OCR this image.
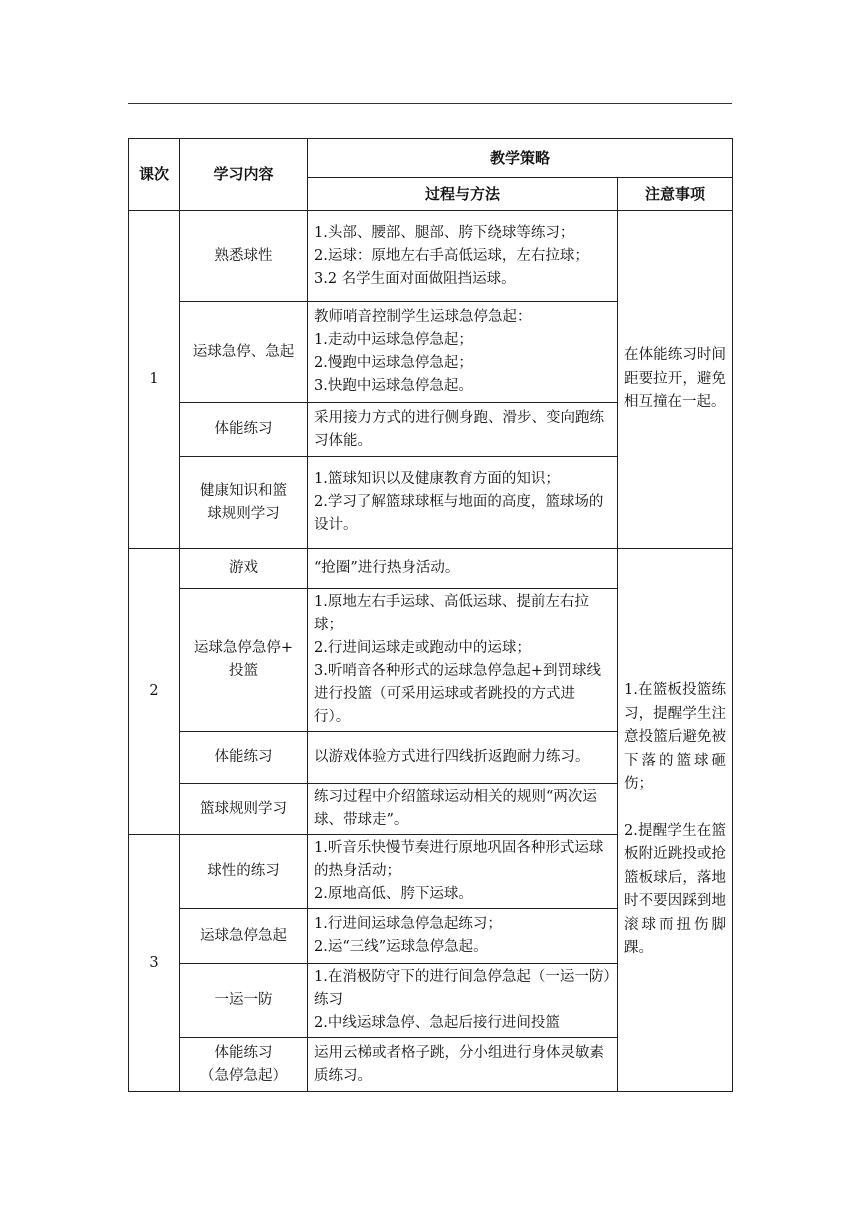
课次	学习内容	教学策略	
		过程与方法	注意事项
1	熟悉球性	1.头部、腰部、腿部、胯下绕球等练习；
2.运球：原地左右手高低运球，左右拉球；
3.2 名学生面对面做阻挡运球。	在体能练习时间距要拉开，避免相互撞在一起。

	运球急停、急起	教师哨音控制学生运球急停急起：
1.走动中运球急停急起；
2.慢跑中运球急停急起；
3.快跑中运球急停急起。	

	体能练习	采用接力方式的进行侧身跑、滑步、变向跑练习体能。	

	健康知识和篮
球规则学习	1.篮球知识以及健康教育方面的知识；
2.学习了解篮球球框与地面的高度，篮球场的设计。	

2	游戏	“抢圈”进行热身活动。	1.在篮板投篮练习，提醒学生注意投篮后避免被下落的篮球砸伤；

2.提醒学生在篮板附近跳投或抢篮板球后，落地时不要因踩到地滚球而扭伤脚踝。

	运球急停急停+
投篮	1.原地左右手运球、高低运球、提前左右拉球；
2.行进间运球走或跑动中的运球；
3.听哨音各种形式的运球急停急起+到罚球线进行投篮（可采用运球或者跳投的方式进行）。	

	体能练习	以游戏体验方式进行四线折返跑耐力练习。	

	篮球规则学习	练习过程中介绍篮球运动相关的规则“两次运球、带球走”。	

3	球性的练习	1.听音乐快慢节奏进行原地巩固各种形式运球的热身活动；
2.原地高低、胯下运球。	

	运球急停急起	1.行进间运球急停急起练习；
2.运“三线”运球急停急起。	

	一运一防	1.在消极防守下的进行间急停急起（一运一防）练习
2.中线运球急停、急起后接行进间投篮	

	体能练习
（急停急起）	运用云梯或者格子跳，分小组进行身体灵敏素质练习。	
